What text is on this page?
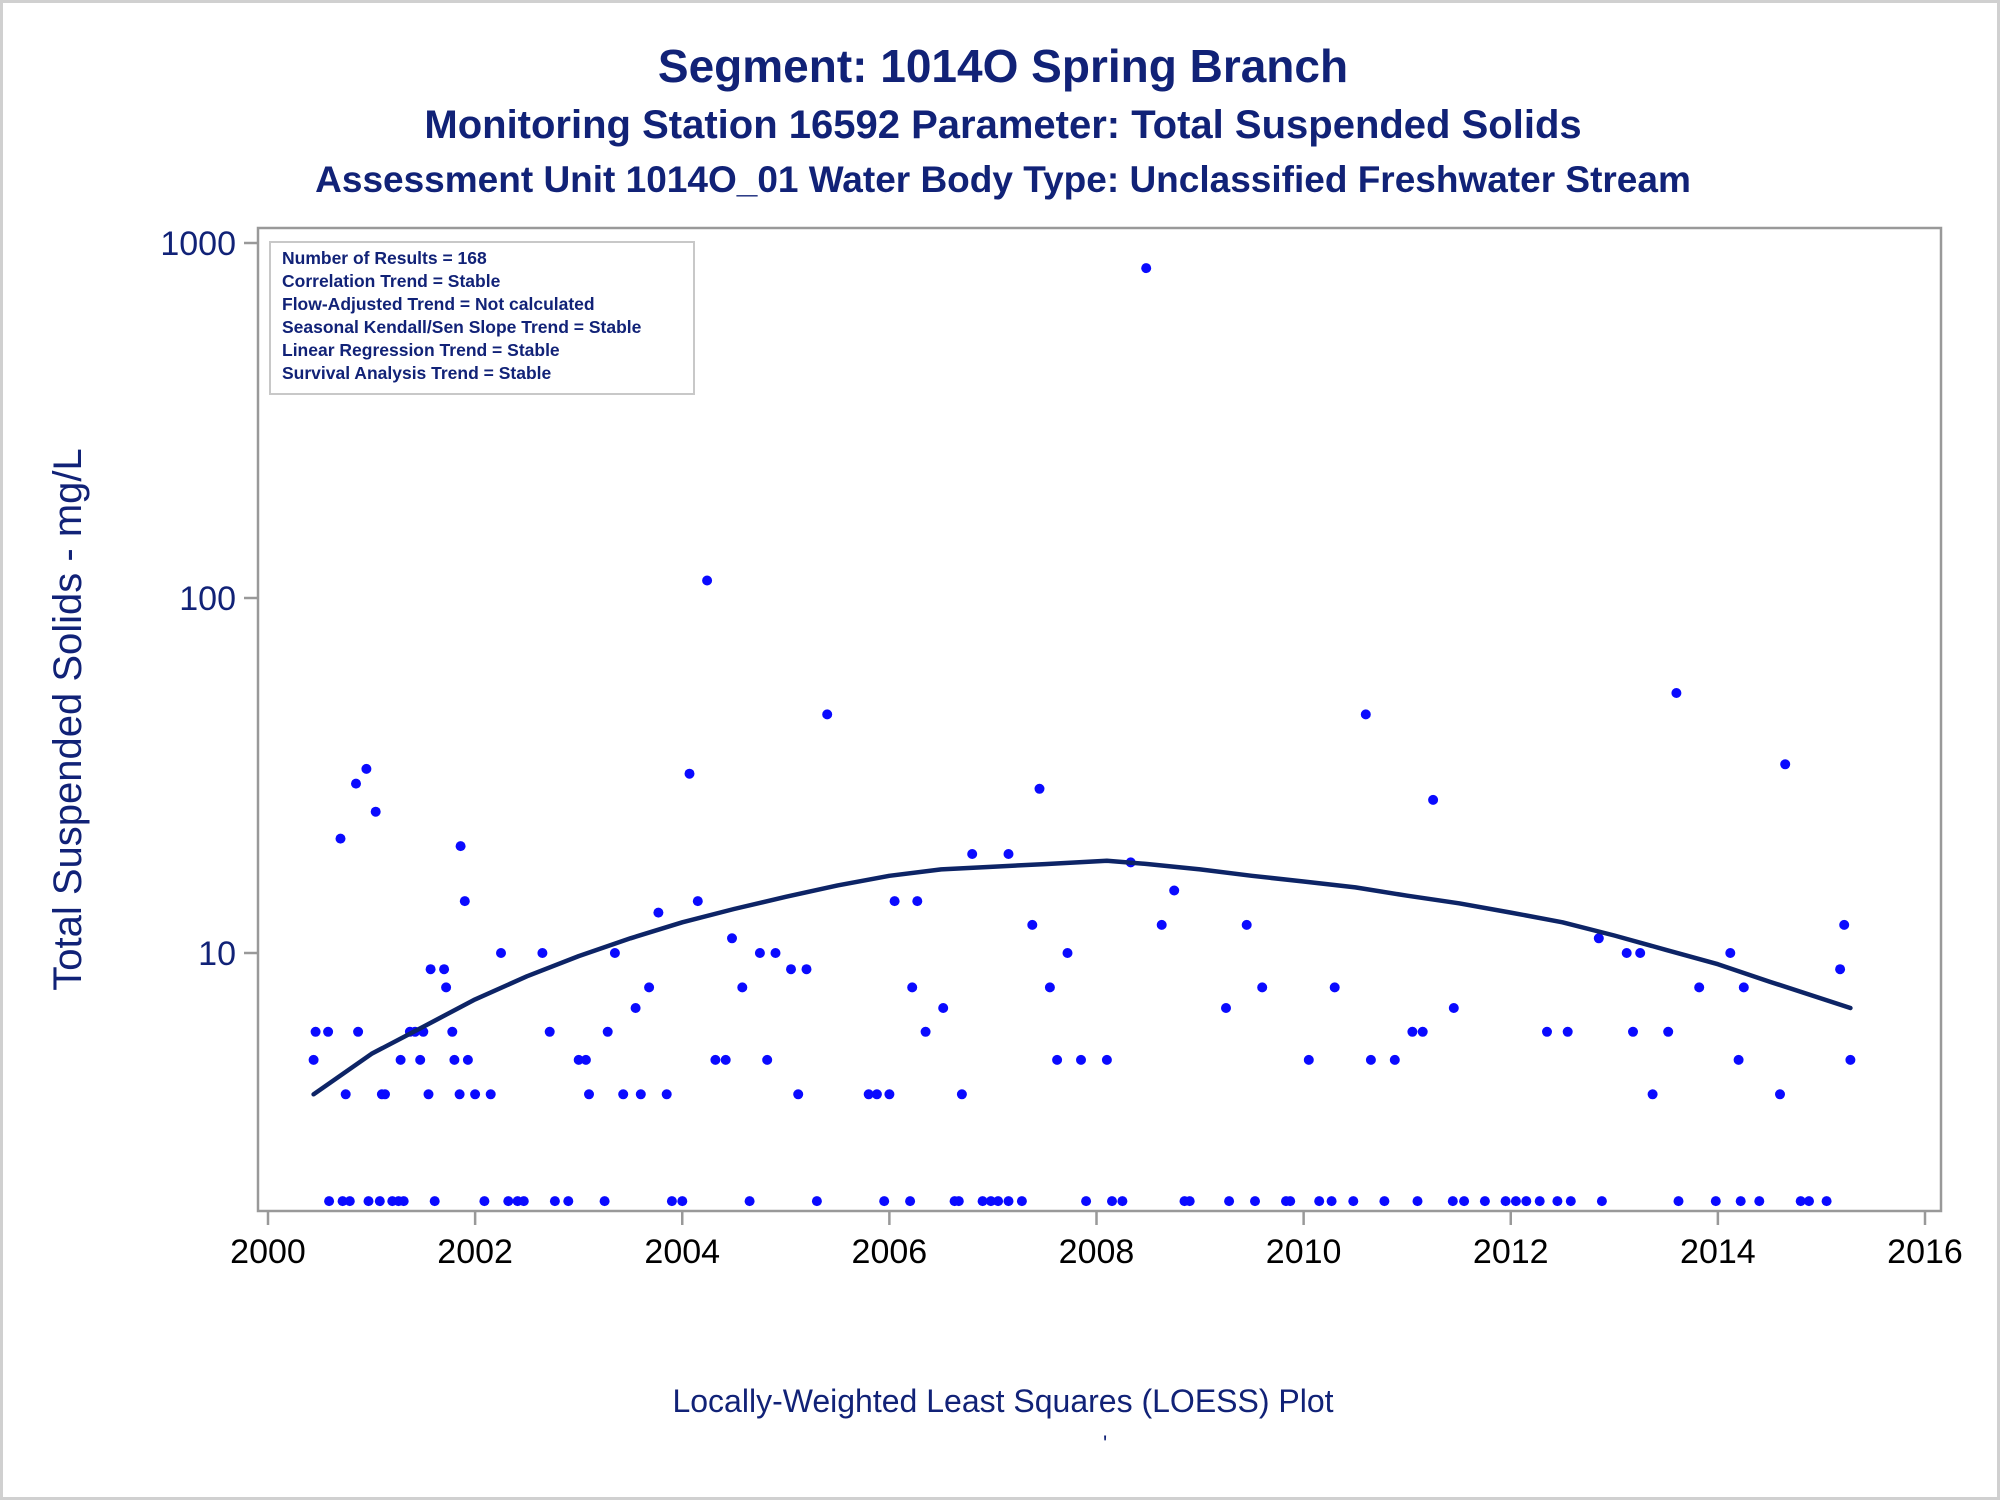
Segment: 1014O Spring Branch
Monitoring Station 16592 Parameter: Total Suspended Solids
Assessment Unit 1014O_01 Water Body Type: Unclassified Freshwater Stream
2000	2002	2004	2006	2008	2010	2012	2014	2016
10
100
1000
Total Suspended Solids - mg/L
Number of Results = 168
Correlation Trend = Stable
Flow-Adjusted Trend = Not calculated
Seasonal Kendall/Sen Slope Trend = Stable
Linear Regression Trend = Stable
Survival Analysis Trend = Stable
Locally-Weighted Least Squares (LOESS) Plot
'
